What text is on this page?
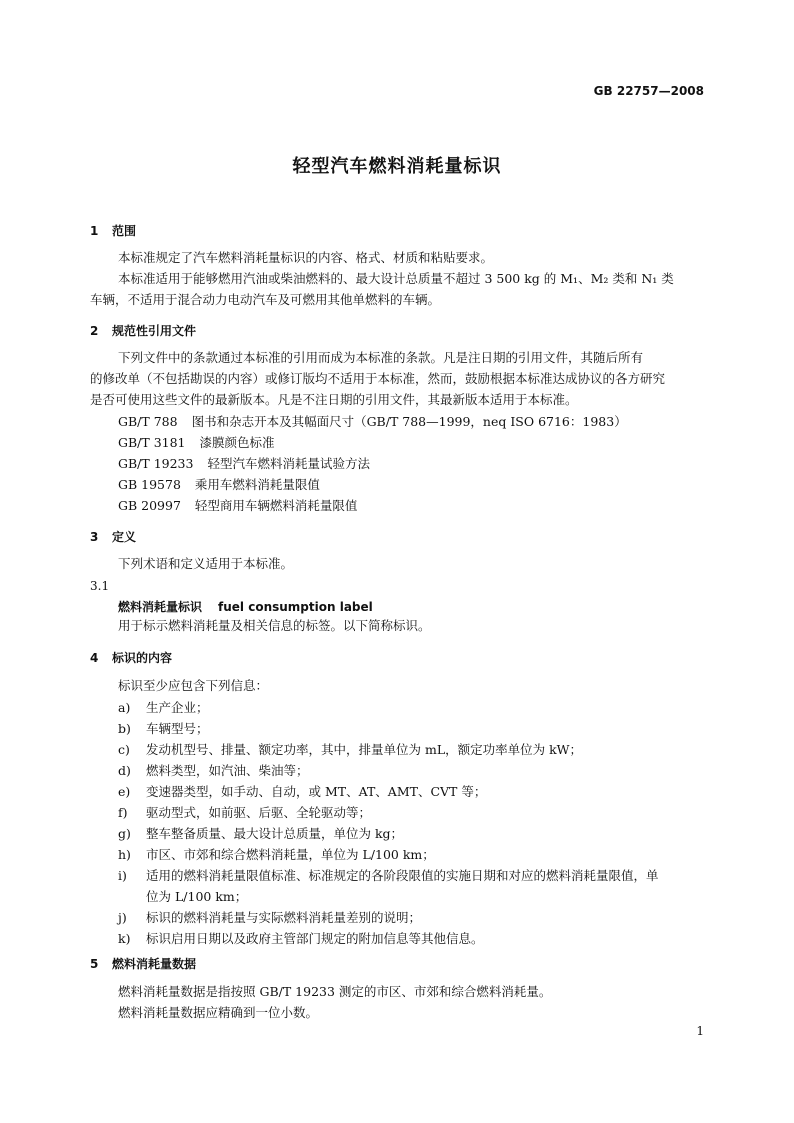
GB 22757—2008
轻型汽车燃料消耗量标识
1 范围
本标准规定了汽车燃料消耗量标识的内容、格式、材质和粘贴要求。
本标准适用于能够燃用汽油或柴油燃料的、最大设计总质量不超过 3 500 kg 的 M₁、M₂ 类和 N₁ 类
车辆，不适用于混合动力电动汽车及可燃用其他单燃料的车辆。
2 规范性引用文件
下列文件中的条款通过本标准的引用而成为本标准的条款。凡是注日期的引用文件，其随后所有
的修改单（不包括勘误的内容）或修订版均不适用于本标准，然而，鼓励根据本标准达成协议的各方研究
是否可使用这些文件的最新版本。凡是不注日期的引用文件，其最新版本适用于本标准。
GB/T 788 图书和杂志开本及其幅面尺寸（GB/T 788—1999，neq ISO 6716：1983）
GB/T 3181 漆膜颜色标准
GB/T 19233 轻型汽车燃料消耗量试验方法
GB 19578 乘用车燃料消耗量限值
GB 20997 轻型商用车辆燃料消耗量限值
3 定义
下列术语和定义适用于本标准。
3.1
燃料消耗量标识 fuel consumption label
用于标示燃料消耗量及相关信息的标签。以下简称标识。
4 标识的内容
标识至少应包含下列信息：
a) 生产企业；
b) 车辆型号；
c) 发动机型号、排量、额定功率，其中，排量单位为 mL，额定功率单位为 kW；
d) 燃料类型，如汽油、柴油等；
e) 变速器类型，如手动、自动，或 MT、AT、AMT、CVT 等；
f) 驱动型式，如前驱、后驱、全轮驱动等；
g) 整车整备质量、最大设计总质量，单位为 kg；
h) 市区、市郊和综合燃料消耗量，单位为 L/100 km；
i) 适用的燃料消耗量限值标准、标准规定的各阶段限值的实施日期和对应的燃料消耗量限值，单
位为 L/100 km；
j) 标识的燃料消耗量与实际燃料消耗量差别的说明；
k) 标识启用日期以及政府主管部门规定的附加信息等其他信息。
5 燃料消耗量数据
燃料消耗量数据是指按照 GB/T 19233 测定的市区、市郊和综合燃料消耗量。
燃料消耗量数据应精确到一位小数。
1
